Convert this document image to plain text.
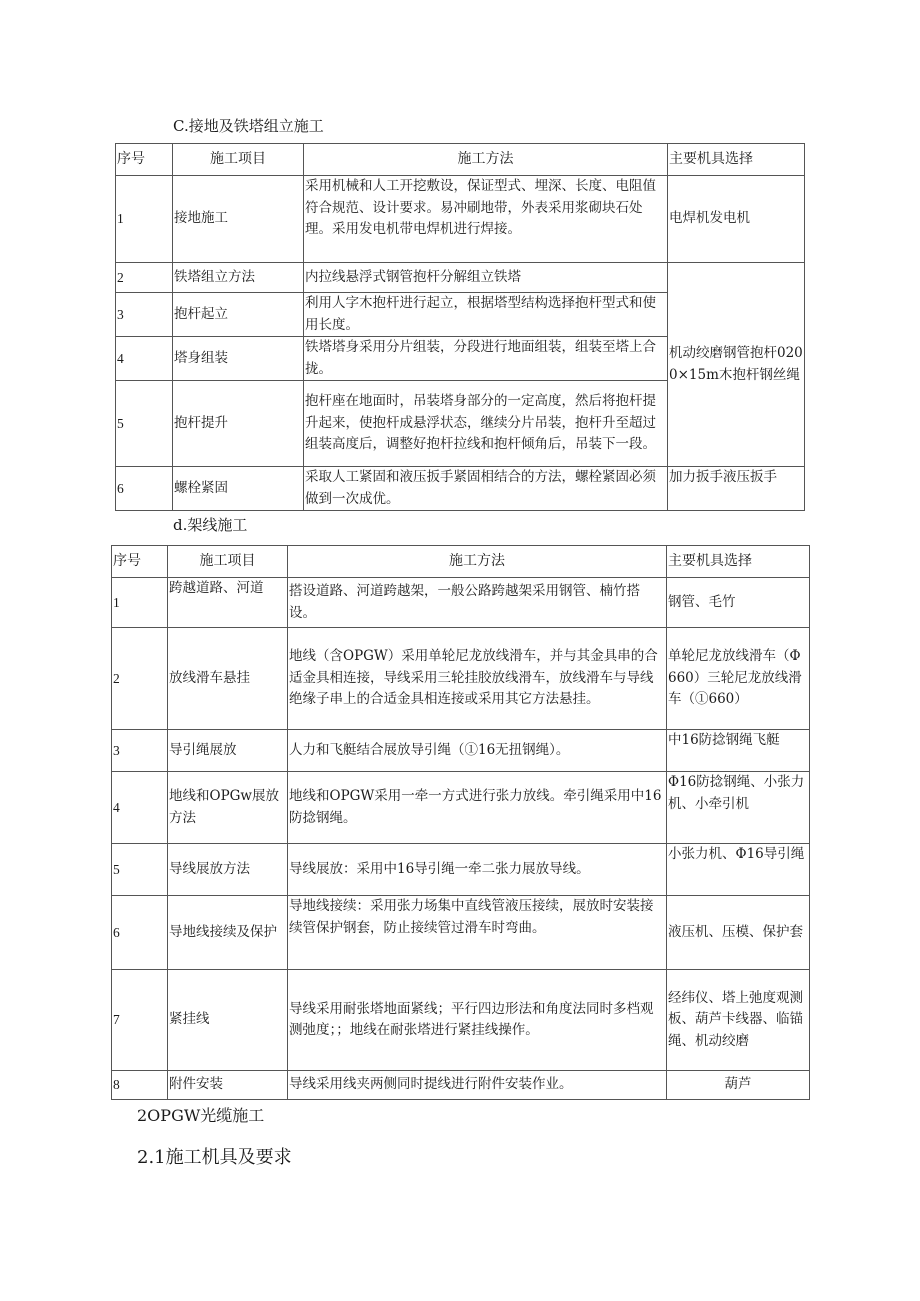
C.接地及铁塔组立施工
序号	施工项目	施工方法	主要机具选择
1	接地施工	采用机械和人工开挖敷设，保证型式、埋深、长度、电阻值符合规范、设计要求。易冲刷地带，外表采用浆砌块石处理。采用发电机带电焊机进行焊接。	电焊机发电机
2	铁塔组立方法	内拉线悬浮式钢管抱杆分解组立铁塔	机动绞磨钢管抱杆0200×15m木抱杆钢丝绳
3	抱杆起立	利用人字木抱杆进行起立，根据塔型结构选择抱杆型式和使用长度。	
4	塔身组装	铁塔塔身采用分片组装，分段进行地面组装，组装至塔上合拢。	
5	抱杆提升	抱杆座在地面时，吊装塔身部分的一定高度，然后将抱杆提升起来，使抱杆成悬浮状态，继续分片吊装，抱杆升至超过组装高度后，调整好抱杆拉线和抱杆倾角后，吊装下一段。	
6	螺栓紧固	采取人工紧固和液压扳手紧固相结合的方法，螺栓紧固必须做到一次成优。	加力扳手液压扳手
d.架线施工
序号	施工项目	施工方法	主要机具选择
1	跨越道路、河道	搭设道路、河道跨越架，一般公路跨越架采用钢管、楠竹搭设。	钢管、毛竹
2	放线滑车悬挂	地线（含OPGW）采用单轮尼龙放线滑车，并与其金具串的合适金具相连接，导线采用三轮挂胶放线滑车，放线滑车与导线绝缘子串上的合适金具相连接或采用其它方法悬挂。	单轮尼龙放线滑车（Φ660）三轮尼龙放线滑车（①660）
3	导引绳展放	人力和飞艇结合展放导引绳（①16无扭钢绳）。	中16防捻钢绳飞艇
4	地线和OPGw展放方法	地线和OPGW采用一牵一方式进行张力放线。牵引绳采用中16防捻钢绳。	Φ16防捻钢绳、小张力机、小牵引机
5	导线展放方法	导线展放：采用中16导引绳一牵二张力展放导线。	小张力机、Φ16导引绳
6	导地线接续及保护	导地线接续：采用张力场集中直线管液压接续，展放时安装接续管保护钢套，防止接续管过滑车时弯曲。	液压机、压模、保护套
7	紧挂线	导线采用耐张塔地面紧线；平行四边形法和角度法同时多档观测弛度；；地线在耐张塔进行紧挂线操作。	经纬仪、塔上弛度观测板、葫芦卡线器、临锚绳、机动绞磨
8	附件安装	导线采用线夹两侧同时提线进行附件安装作业。	葫芦
2OPGW光缆施工
2.1施工机具及要求
